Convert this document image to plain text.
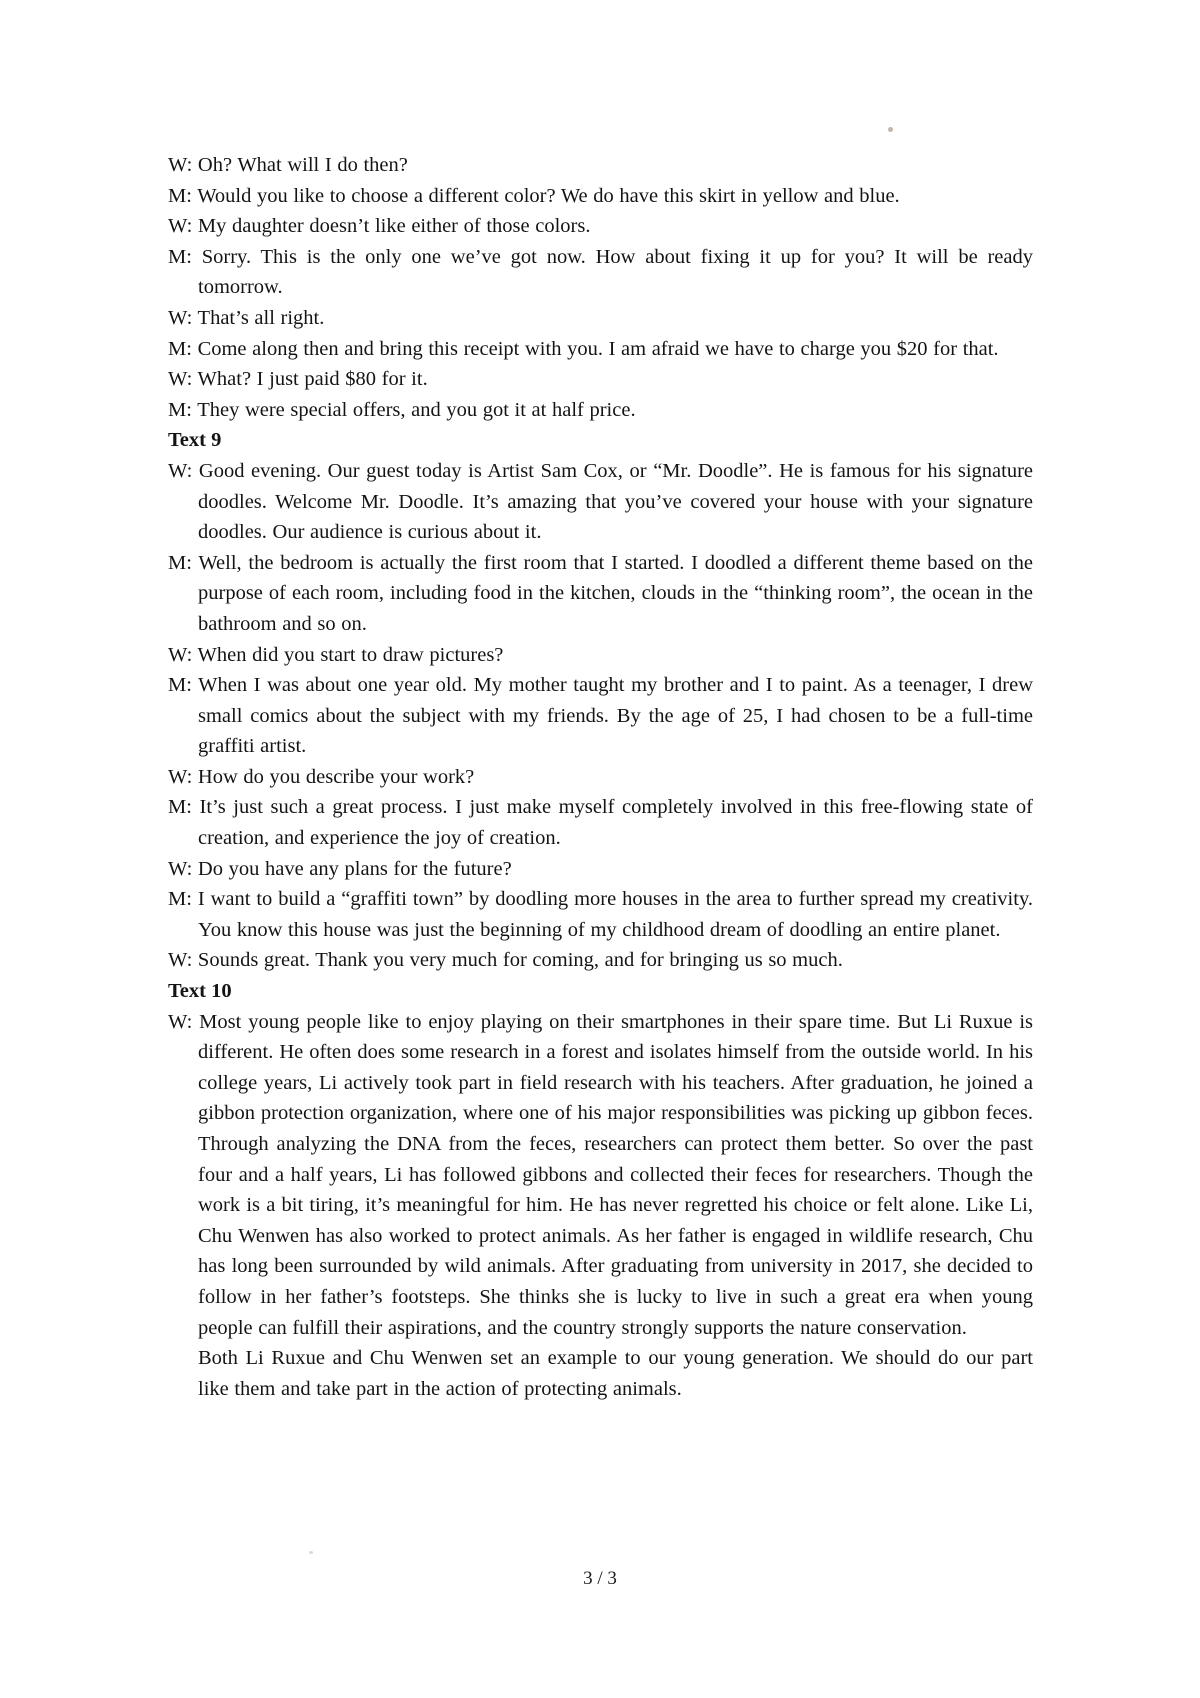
W: Oh? What will I do then?

M: Would you like to choose a different color? We do have this skirt in yellow and blue.

W: My daughter doesn’t like either of those colors.

M: Sorry. This is the only one we’ve got now. How about fixing it up for you? It will be ready tomorrow.

W: That’s all right.

M: Come along then and bring this receipt with you. I am afraid we have to charge you $20 for that.

W: What? I just paid $80 for it.

M: They were special offers, and you got it at half price.

Text 9

W: Good evening. Our guest today is Artist Sam Cox, or “Mr. Doodle”. He is famous for his signature doodles. Welcome Mr. Doodle. It’s amazing that you’ve covered your house with your signature doodles. Our audience is curious about it.

M: Well, the bedroom is actually the first room that I started. I doodled a different theme based on the purpose of each room, including food in the kitchen, clouds in the “thinking room”, the ocean in the bathroom and so on.

W: When did you start to draw pictures?

M: When I was about one year old. My mother taught my brother and I to paint. As a teenager, I drew small comics about the subject with my friends. By the age of 25, I had chosen to be a full-time graffiti artist.

W: How do you describe your work?

M: It’s just such a great process. I just make myself completely involved in this free-flowing state of creation, and experience the joy of creation.

W: Do you have any plans for the future?

M: I want to build a “graffiti town” by doodling more houses in the area to further spread my creativity. You know this house was just the beginning of my childhood dream of doodling an entire planet.

W: Sounds great. Thank you very much for coming, and for bringing us so much.

Text 10

W: Most young people like to enjoy playing on their smartphones in their spare time. But Li Ruxue is different. He often does some research in a forest and isolates himself from the outside world. In his college years, Li actively took part in field research with his teachers. After graduation, he joined a gibbon protection organization, where one of his major responsibilities was picking up gibbon feces. Through analyzing the DNA from the feces, researchers can protect them better. So over the past four and a half years, Li has followed gibbons and collected their feces for researchers. Though the work is a bit tiring, it’s meaningful for him. He has never regretted his choice or felt alone. Like Li, Chu Wenwen has also worked to protect animals. As her father is engaged in wildlife research, Chu has long been surrounded by wild animals. After graduating from university in 2017, she decided to follow in her father’s footsteps. She thinks she is lucky to live in such a great era when young people can fulfill their aspirations, and the country strongly supports the nature conservation.

Both Li Ruxue and Chu Wenwen set an example to our young generation. We should do our part like them and take part in the action of protecting animals.

3 / 3
